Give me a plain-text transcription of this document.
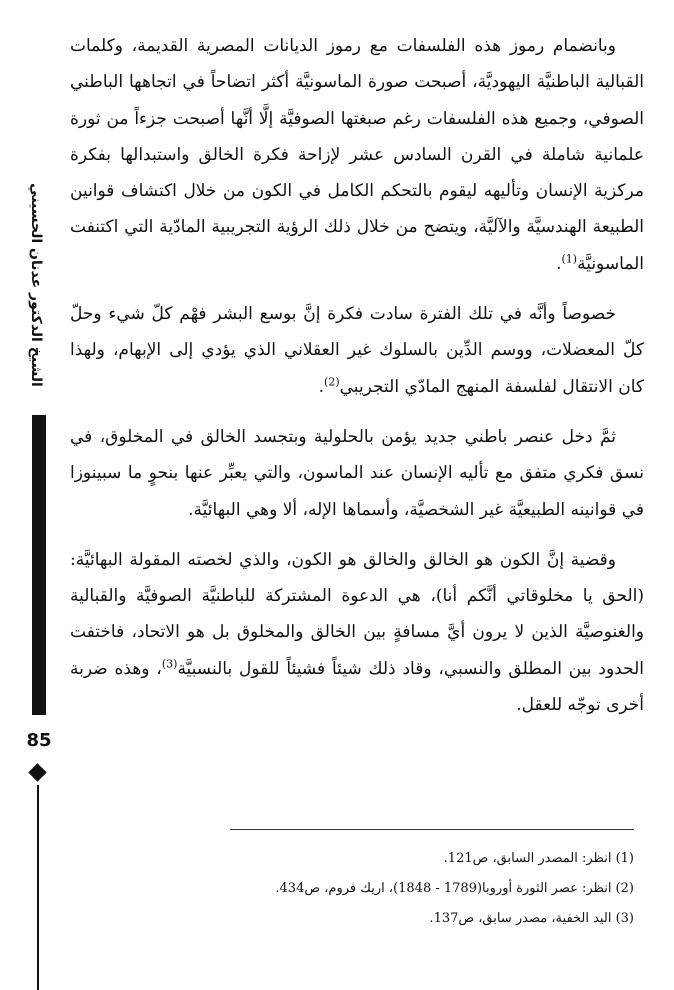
الشيخ الدكتور عدنان الحسيني
85

وبانضمام رموز هذه الفلسفات مع رموز الديانات المصرية القديمة، وكلمات القبالية الباطنيَّة اليهوديَّة، أصبحت صورة الماسونيَّة أكثر اتضاحاً في اتجاهها الباطني الصوفي، وجميع هذه الفلسفات رغم صبغتها الصوفيَّة إلَّا أنَّها أصبحت جزءاً من ثورة علمانية شاملة في القرن السادس عشر لإزاحة فكرة الخالق واستبدالها بفكرة مركزية الإنسان وتأليهه ليقوم بالتحكم الكامل في الكون من خلال اكتشاف قوانين الطبيعة الهندسيَّة والآليَّة، ويتضح من خلال ذلك الرؤية التجريبية المادّية التي اكتنفت الماسونيَّة$^{(1)}$.

خصوصاً وأنَّه في تلك الفترة سادت فكرة إنَّ بوسع البشر فهْم كلّ شيء وحلّ كلّ المعضلات، ووسم الدِّين بالسلوك غير العقلاني الذي يؤدي إلى الإبهام، ولهذا كان الانتقال لفلسفة المنهج المادّي التجريبي$^{(2)}$.

ثمَّ دخل عنصر باطني جديد يؤمن بالحلولية وبتجسد الخالق في المخلوق، في نسق فكري متفق مع تأليه الإنسان عند الماسون، والتي يعبِّر عنها بنحوٍ ما سبينوزا في قوانينه الطبيعيَّة غير الشخصيَّة، وأسماها الإله، ألا وهي البهائيَّة.

وقضية إنَّ الكون هو الخالق والخالق هو الكون، والذي لخصته المقولة البهائيَّة: (الحق يا مخلوقاتي أنَّكم أنا)، هي الدعوة المشتركة للباطنيَّة الصوفيَّة والقبالية والغنوصيَّة الذين لا يرون أيَّ مسافةٍ بين الخالق والمخلوق بل هو الاتحاد، فاختفت الحدود بين المطلق والنسبي، وقاد ذلك شيئاً فشيئاً للقول بالنسبيَّة$^{(3)}$، وهذه ضربة أخرى توجّه للعقل.

(1) انظر: المصدر السابق، ص121.
(2) انظر: عصر الثورة أوروبا(1789 - 1848)، اريك فروم، ص434.
(3) اليد الخفية، مصدر سابق، ص137.
